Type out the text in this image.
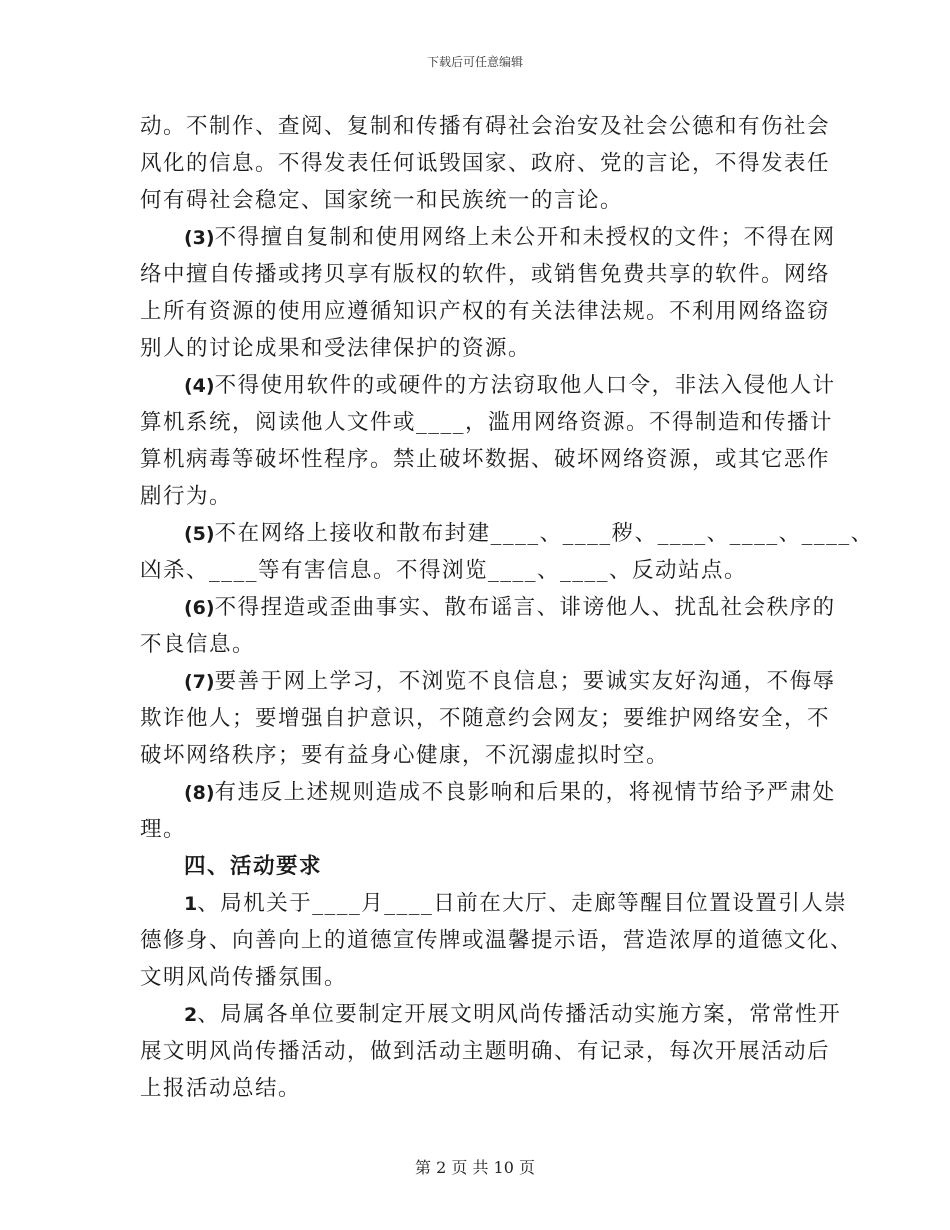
下载后可任意编辑
动。不制作、查阅、复制和传播有碍社会治安及社会公德和有伤社会
风化的信息。不得发表任何诋毁国家、政府、党的言论，不得发表任
何有碍社会稳定、国家统一和民族统一的言论。
(3)不得擅自复制和使用网络上未公开和未授权的文件；不得在网
络中擅自传播或拷贝享有版权的软件，或销售免费共享的软件。网络
上所有资源的使用应遵循知识产权的有关法律法规。不利用网络盗窃
别人的讨论成果和受法律保护的资源。
(4)不得使用软件的或硬件的方法窃取他人口令，非法入侵他人计
算机系统，阅读他人文件或____，滥用网络资源。不得制造和传播计
算机病毒等破坏性程序。禁止破坏数据、破坏网络资源，或其它恶作
剧行为。
(5)不在网络上接收和散布封建____、____秽、____、____、____、
凶杀、____等有害信息。不得浏览____、____、反动站点。
(6)不得捏造或歪曲事实、散布谣言、诽谤他人、扰乱社会秩序的
不良信息。
(7)要善于网上学习，不浏览不良信息；要诚实友好沟通，不侮辱
欺诈他人；要增强自护意识，不随意约会网友；要维护网络安全，不
破坏网络秩序；要有益身心健康，不沉溺虚拟时空。
(8)有违反上述规则造成不良影响和后果的，将视情节给予严肃处
理。
四、活动要求
1、局机关于____月____日前在大厅、走廊等醒目位置设置引人崇
德修身、向善向上的道德宣传牌或温馨提示语，营造浓厚的道德文化、
文明风尚传播氛围。
2、局属各单位要制定开展文明风尚传播活动实施方案，常常性开
展文明风尚传播活动，做到活动主题明确、有记录，每次开展活动后
上报活动总结。
第 2 页 共 10 页
